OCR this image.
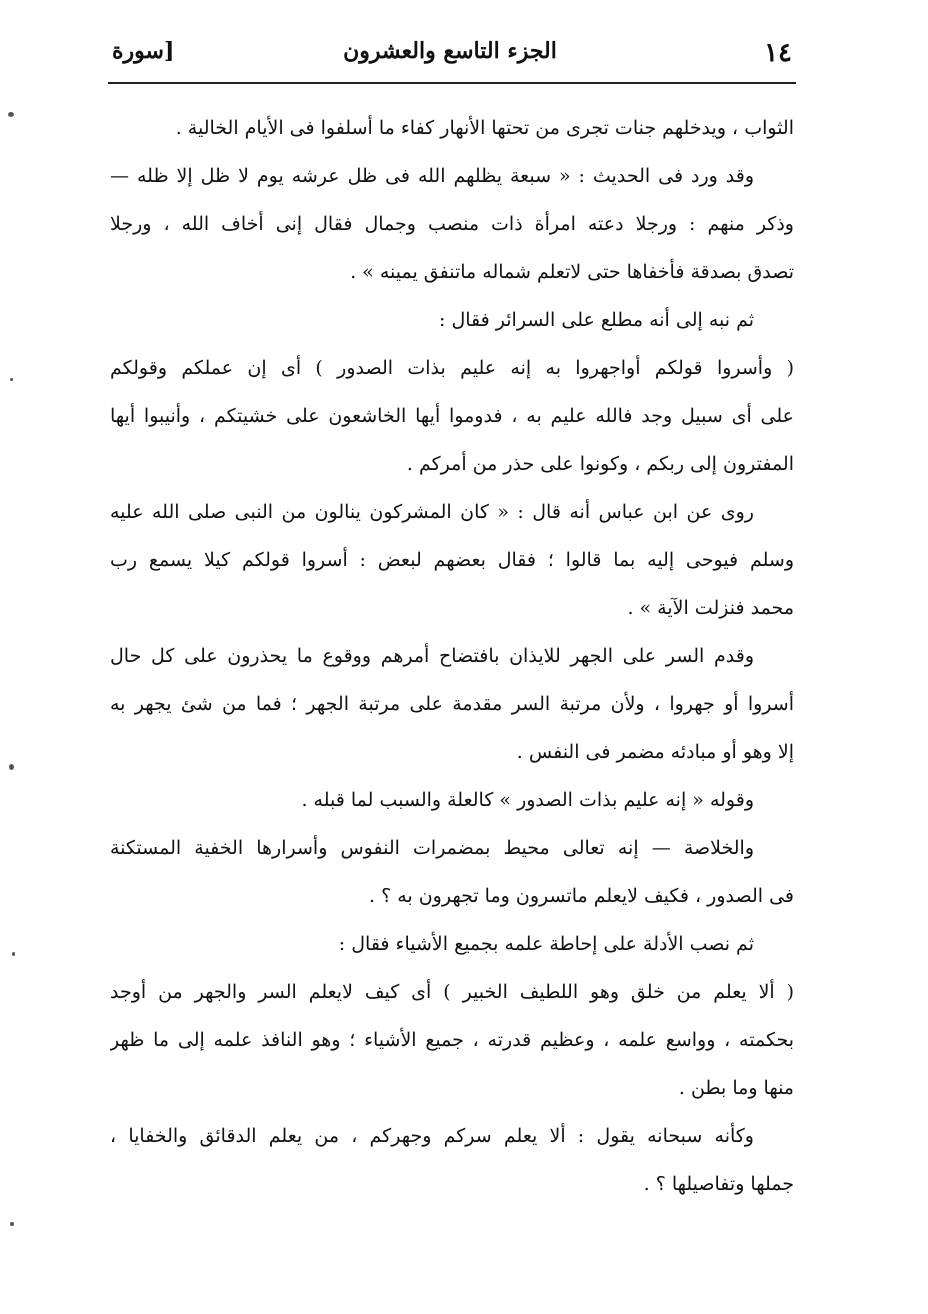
١٤
الجزء التاسع والعشرون
[سورة
الثواب ، ويدخلهم جنات تجرى من تحتها الأنهار كفاء ما أسلفوا فى الأيام الخالية .
وقد ورد فى الحديث : « سبعة يظلهم الله فى ظل عرشه يوم لا ظل إلا ظله —
وذكر منهم : ورجلا دعته امرأة ذات منصب وجمال فقال إنى أخاف الله ، ورجلا
تصدق بصدقة فأخفاها حتى لاتعلم شماله ماتنفق يمينه » .
ثم نبه إلى أنه مطلع على السرائر فقال :
( وأسروا قولكم أواجهروا به إنه عليم بذات الصدور ) أى إن عملكم وقولكم
على أى سبيل وجد فالله عليم به ، فدوموا أيها الخاشعون على خشيتكم ، وأنيبوا أيها
المفترون إلى ربكم ، وكونوا على حذر من أمركم .
روى عن ابن عباس أنه قال : « كان المشركون ينالون من النبى صلى الله عليه
وسلم فيوحى إليه بما قالوا ؛ فقال بعضهم لبعض : أسروا قولكم كيلا يسمع رب
محمد فنزلت الآية » .
وقدم السر على الجهر للايذان بافتضاح أمرهم ووقوع ما يحذرون على كل حال
أسروا أو جهروا ، ولأن مرتبة السر مقدمة على مرتبة الجهر ؛ فما من شئ يجهر به
إلا وهو أو مبادئه مضمر فى النفس .
وقوله « إنه عليم بذات الصدور » كالعلة والسبب لما قبله .
والخلاصة — إنه تعالى محيط بمضمرات النفوس وأسرارها الخفية المستكنة
فى الصدور ، فكيف لايعلم ماتسرون وما تجهرون به ؟ .
ثم نصب الأدلة على إحاطة علمه بجميع الأشياء فقال :
( ألا يعلم من خلق وهو اللطيف الخبير ) أى كيف لايعلم السر والجهر من أوجد
بحكمته ، وواسع علمه ، وعظيم قدرته ، جميع الأشياء ؛ وهو النافذ علمه إلى ما ظهر
منها وما بطن .
وكأنه سبحانه يقول : ألا يعلم سركم وجهركم ، من يعلم الدقائق والخفايا ،
جملها وتفاصيلها ؟ .
